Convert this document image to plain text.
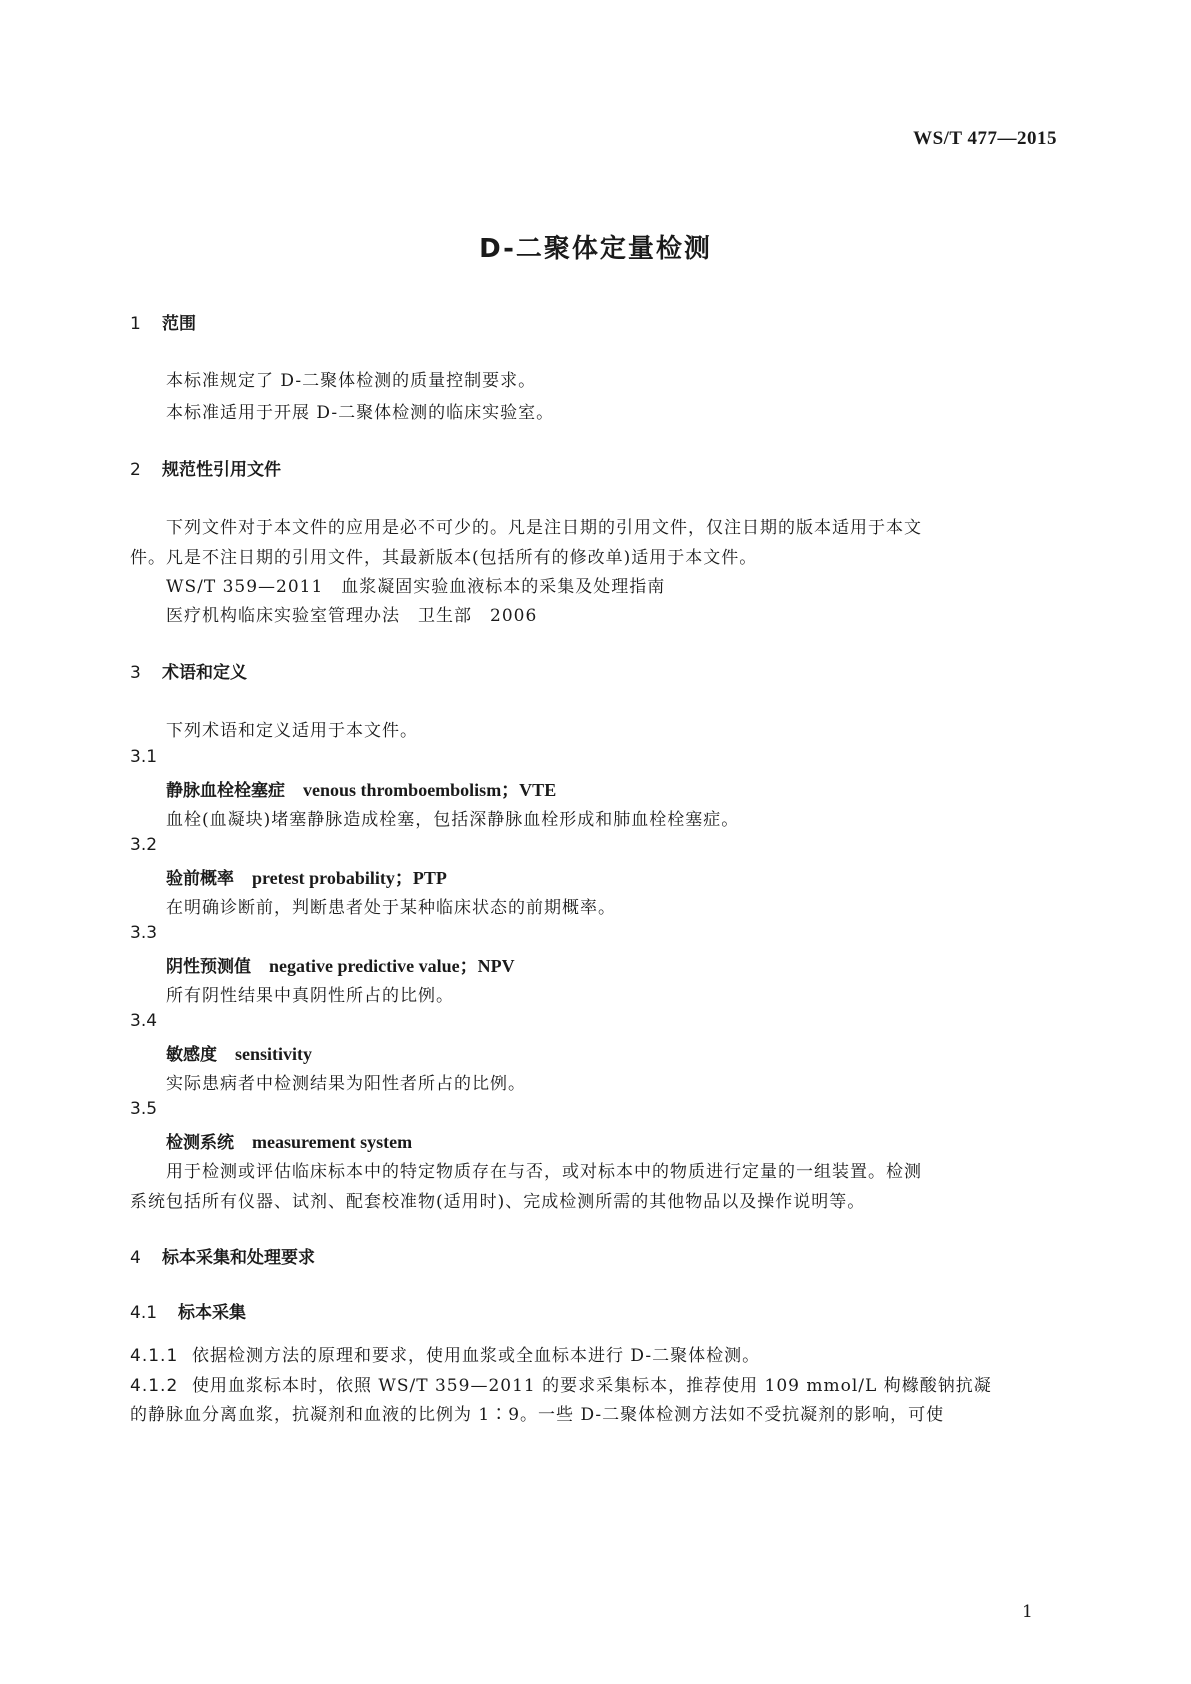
WS/T 477—2015
D-二聚体定量检测
1 范围
本标准规定了 D-二聚体检测的质量控制要求。
本标准适用于开展 D-二聚体检测的临床实验室。
2 规范性引用文件
下列文件对于本文件的应用是必不可少的。凡是注日期的引用文件，仅注日期的版本适用于本文
件。凡是不注日期的引用文件，其最新版本(包括所有的修改单)适用于本文件。
WS/T 359—2011　血浆凝固实验血液标本的采集及处理指南
医疗机构临床实验室管理办法　卫生部　2006
3 术语和定义
下列术语和定义适用于本文件。
3.1
静脉血栓栓塞症 venous thromboembolism；VTE
血栓(血凝块)堵塞静脉造成栓塞，包括深静脉血栓形成和肺血栓栓塞症。
3.2
验前概率 pretest probability；PTP
在明确诊断前，判断患者处于某种临床状态的前期概率。
3.3
阴性预测值 negative predictive value；NPV
所有阴性结果中真阴性所占的比例。
3.4
敏感度 sensitivity
实际患病者中检测结果为阳性者所占的比例。
3.5
检测系统 measurement system
用于检测或评估临床标本中的特定物质存在与否，或对标本中的物质进行定量的一组装置。检测
系统包括所有仪器、试剂、配套校准物(适用时)、完成检测所需的其他物品以及操作说明等。
4 标本采集和处理要求
4.1 标本采集
4.1.1 依据检测方法的原理和要求，使用血浆或全血标本进行 D-二聚体检测。
4.1.2 使用血浆标本时，依照 WS/T 359—2011 的要求采集标本，推荐使用 109 mmol/L 枸橼酸钠抗凝
的静脉血分离血浆，抗凝剂和血液的比例为 1∶9。一些 D-二聚体检测方法如不受抗凝剂的影响，可使
1
